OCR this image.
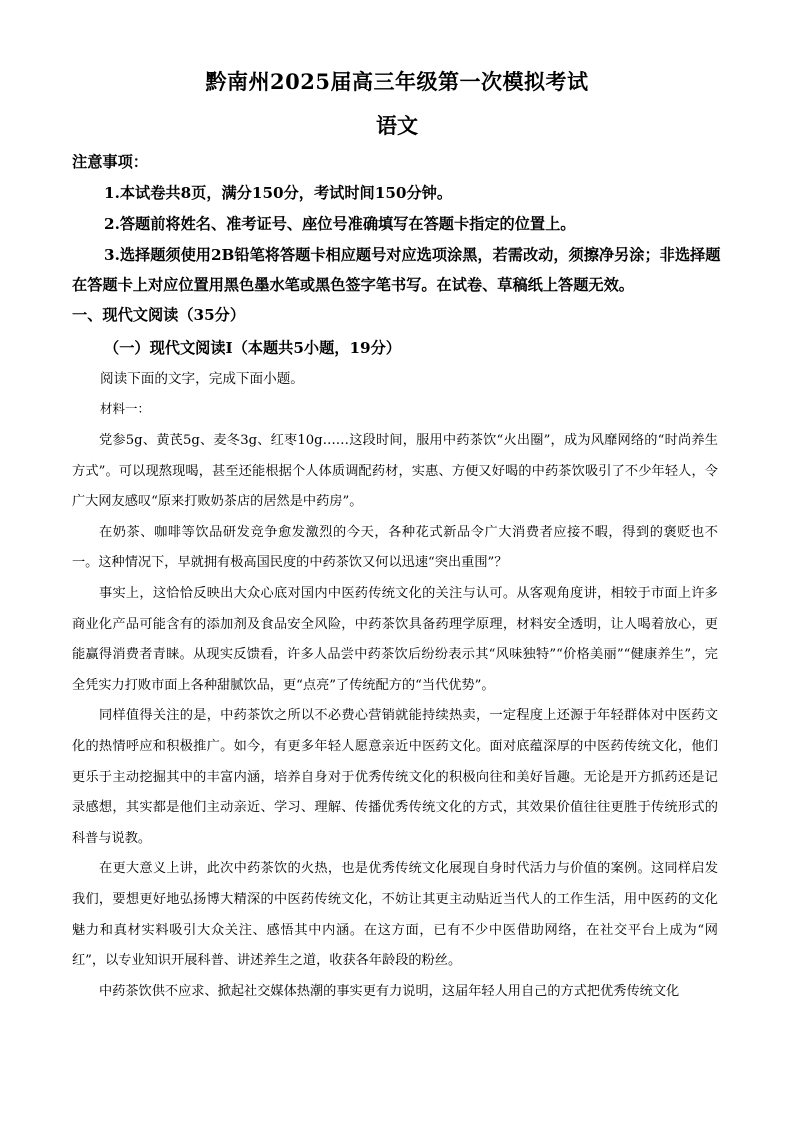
黔南州2025届高三年级第一次模拟考试
语文
注意事项：
1.本试卷共8页，满分150分，考试时间150分钟。
2.答题前将姓名、准考证号、座位号准确填写在答题卡指定的位置上。
3.选择题须使用2B铅笔将答题卡相应题号对应选项涂黑，若需改动，须擦净另涂；非选择题在答题卡上对应位置用黑色墨水笔或黑色签字笔书写。在试卷、草稿纸上答题无效。
一、现代文阅读（35分）
（一）现代文阅读Ⅰ（本题共5小题，19分）
阅读下面的文字，完成下面小题。
材料一：

党参5g、黄芪5g、麦冬3g、红枣10g……这段时间，服用中药茶饮“火出圈”，成为风靡网络的“时尚养生方式”。可以现熬现喝，甚至还能根据个人体质调配药材，实惠、方便又好喝的中药茶饮吸引了不少年轻人，令广大网友感叹“原来打败奶茶店的居然是中药房”。

在奶茶、咖啡等饮品研发竞争愈发激烈的今天，各种花式新品令广大消费者应接不暇，得到的褒贬也不一。这种情况下，早就拥有极高国民度的中药茶饮又何以迅速“突出重围”？

事实上，这恰恰反映出大众心底对国内中医药传统文化的关注与认可。从客观角度讲，相较于市面上许多商业化产品可能含有的添加剂及食品安全风险，中药茶饮具备药理学原理，材料安全透明，让人喝着放心，更能赢得消费者青睐。从现实反馈看，许多人品尝中药茶饮后纷纷表示其“风味独特”“价格美丽”“健康养生”，完全凭实力打败市面上各种甜腻饮品，更“点亮”了传统配方的“当代优势”。

同样值得关注的是，中药茶饮之所以不必费心营销就能持续热卖，一定程度上还源于年轻群体对中医药文化的热情呼应和积极推广。如今，有更多年轻人愿意亲近中医药文化。面对底蕴深厚的中医药传统文化，他们更乐于主动挖掘其中的丰富内涵，培养自身对于优秀传统文化的积极向往和美好旨趣。无论是开方抓药还是记录感想，其实都是他们主动亲近、学习、理解、传播优秀传统文化的方式，其效果价值往往更胜于传统形式的科普与说教。

在更大意义上讲，此次中药茶饮的火热，也是优秀传统文化展现自身时代活力与价值的案例。这同样启发我们，要想更好地弘扬博大精深的中医药传统文化，不妨让其更主动贴近当代人的工作生活，用中医药的文化魅力和真材实料吸引大众关注、感悟其中内涵。在这方面，已有不少中医借助网络，在社交平台上成为“网红”，以专业知识开展科普、讲述养生之道，收获各年龄段的粉丝。

中药茶饮供不应求、掀起社交媒体热潮的事实更有力说明，这届年轻人用自己的方式把优秀传统文化
